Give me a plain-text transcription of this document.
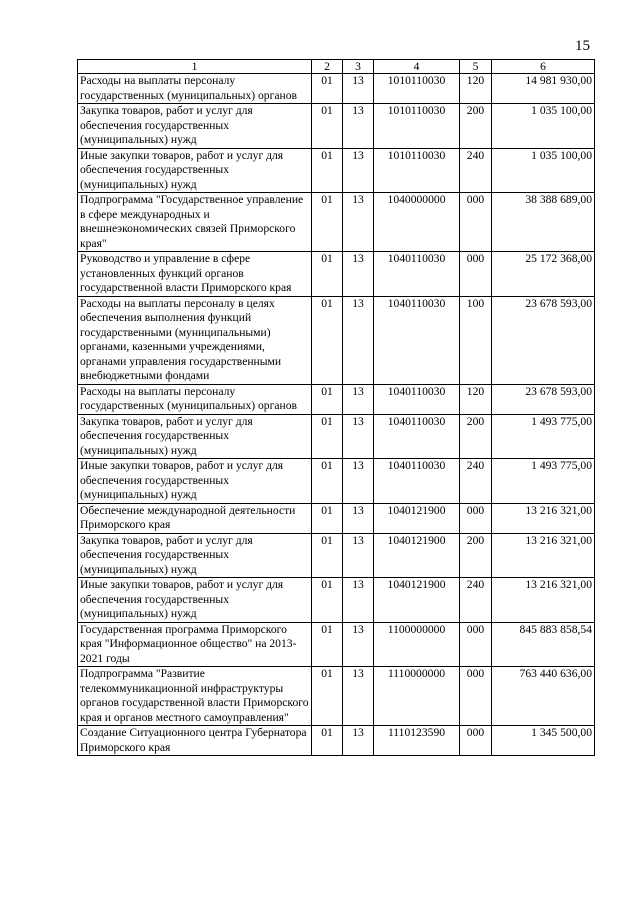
15
1	2	3	4	5	6
Расходы на выплаты персоналу государственных (муниципальных) органов	01	13	1010110030	120	14 981 930,00
Закупка товаров, работ и услуг для обеспечения государственных (муниципальных) нужд	01	13	1010110030	200	1 035 100,00
Иные закупки товаров, работ и услуг для обеспечения государственных (муниципальных) нужд	01	13	1010110030	240	1 035 100,00
Подпрограмма "Государственное управление в сфере международных и внешнеэкономических связей Приморского края"	01	13	1040000000	000	38 388 689,00
Руководство и управление в сфере установленных функций органов государственной власти Приморского края	01	13	1040110030	000	25 172 368,00
Расходы на выплаты персоналу в целях обеспечения выполнения функций государственными (муниципальными) органами, казенными учреждениями, органами управления государственными внебюджетными фондами	01	13	1040110030	100	23 678 593,00
Расходы на выплаты персоналу государственных (муниципальных) органов	01	13	1040110030	120	23 678 593,00
Закупка товаров, работ и услуг для обеспечения государственных (муниципальных) нужд	01	13	1040110030	200	1 493 775,00
Иные закупки товаров, работ и услуг для обеспечения государственных (муниципальных) нужд	01	13	1040110030	240	1 493 775,00
Обеспечение международной деятельности Приморского края	01	13	1040121900	000	13 216 321,00
Закупка товаров, работ и услуг для обеспечения государственных (муниципальных) нужд	01	13	1040121900	200	13 216 321,00
Иные закупки товаров, работ и услуг для обеспечения государственных (муниципальных) нужд	01	13	1040121900	240	13 216 321,00
Государственная программа Приморского края "Информационное общество" на 2013-2021 годы	01	13	1100000000	000	845 883 858,54
Подпрограмма "Развитие телекоммуникационной инфраструктуры органов государственной власти Приморского края и органов местного самоуправления"	01	13	1110000000	000	763 440 636,00
Создание Ситуационного центра Губернатора Приморского края	01	13	1110123590	000	1 345 500,00
